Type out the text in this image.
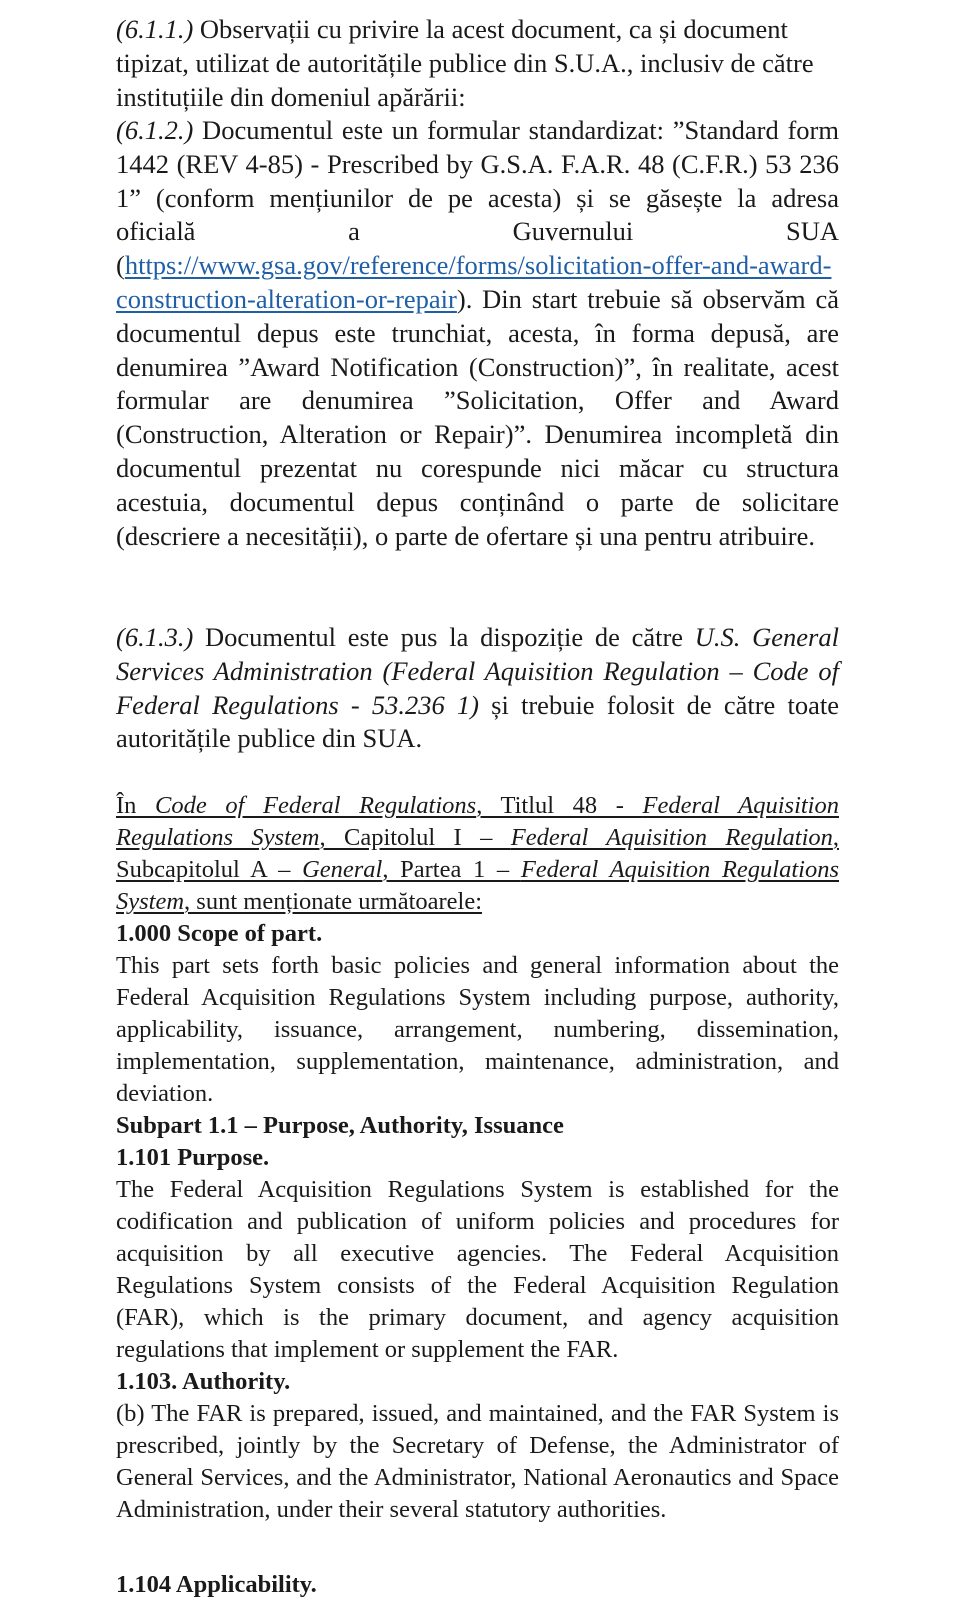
(6.1.1.) Observații cu privire la acest document, ca și document tipizat, utilizat de autoritățile publice din S.U.A., inclusiv de către instituțiile din domeniul apărării:

(6.1.2.) Documentul este un formular standardizat: ”Standard form 1442 (REV 4-85) - Prescribed by G.S.A. F.A.R. 48 (C.F.R.) 53 236 1” (conform mențiunilor de pe acesta) și se găsește la adresa oficială a Guvernului SUA (https://www.gsa.gov/reference/forms/solicitation-offer-and-award-construction-alteration-or-repair). Din start trebuie să observăm că documentul depus este trunchiat, acesta, în forma depusă, are denumirea ”Award Notification (Construction)”, în realitate, acest formular are denumirea ”Solicitation, Offer and Award (Construction, Alteration or Repair)”. Denumirea incompletă din documentul prezentat nu corespunde nici măcar cu structura acestuia, documentul depus conținând o parte de solicitare (descriere a necesității), o parte de ofertare și una pentru atribuire.

(6.1.3.) Documentul este pus la dispoziție de către U.S. General Services Administration (Federal Aquisition Regulation – Code of Federal Regulations - 53.236 1) și trebuie folosit de către toate autoritățile publice din SUA.

În Code of Federal Regulations, Titlul 48 - Federal Aquisition Regulations System, Capitolul I – Federal Aquisition Regulation, Subcapitolul A – General, Partea 1 – Federal Aquisition Regulations System, sunt menționate următoarele:

1.000 Scope of part.
This part sets forth basic policies and general information about the Federal Acquisition Regulations System including purpose, authority, applicability, issuance, arrangement, numbering, dissemination, implementation, supplementation, maintenance, administration, and deviation.
Subpart 1.1 – Purpose, Authority, Issuance
1.101 Purpose.
The Federal Acquisition Regulations System is established for the codification and publication of uniform policies and procedures for acquisition by all executive agencies. The Federal Acquisition Regulations System consists of the Federal Acquisition Regulation (FAR), which is the primary document, and agency acquisition regulations that implement or supplement the FAR.
1.103. Authority.
(b) The FAR is prepared, issued, and maintained, and the FAR System is prescribed, jointly by the Secretary of Defense, the Administrator of General Services, and the Administrator, National Aeronautics and Space Administration, under their several statutory authorities.
1.104 Applicability.
